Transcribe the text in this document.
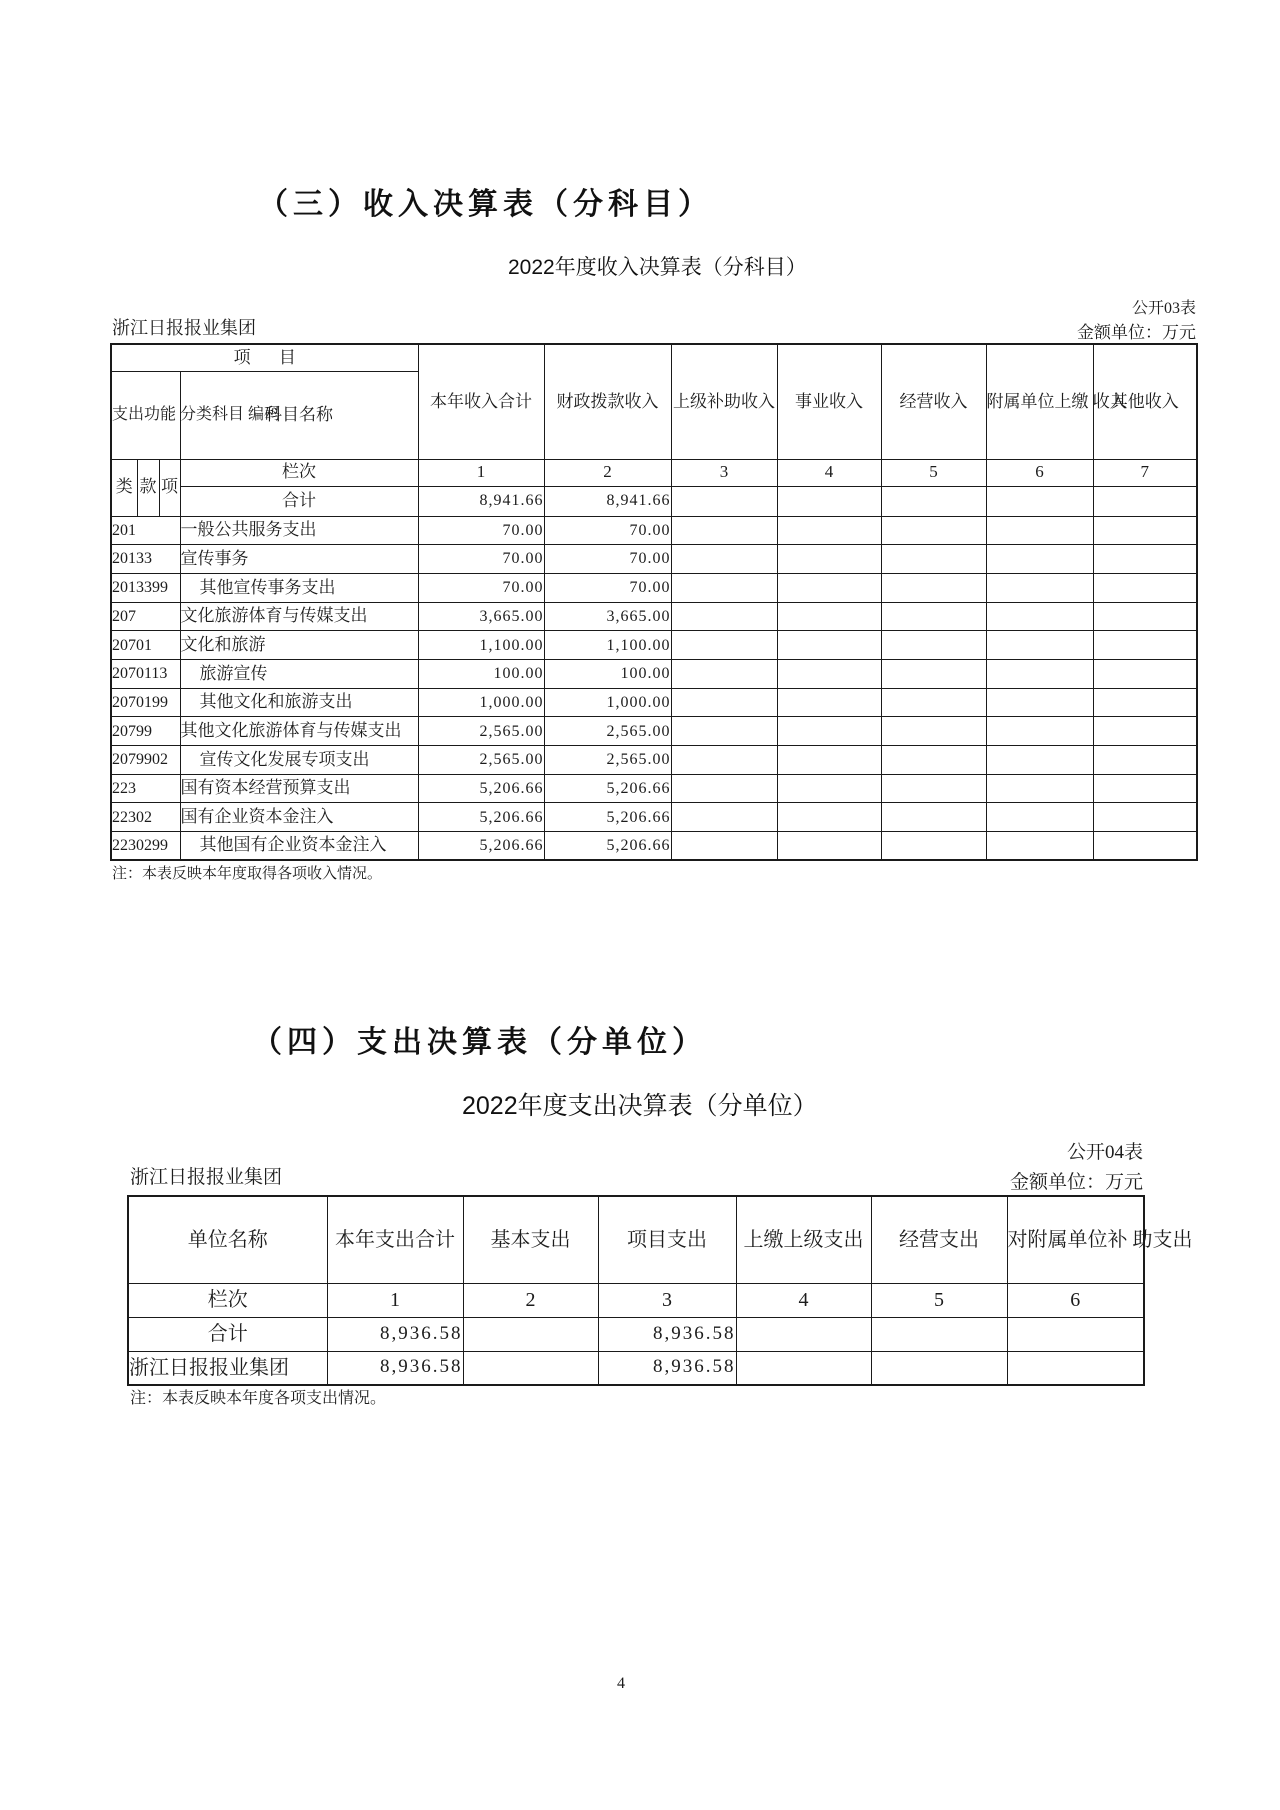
（三）收入决算表（分科目）
2022年度收入决算表（分科目）
公开03表
金额单位：万元
浙江日报报业集团
项 目				本年收入合计	财政拨款收入	上级补助收入	事业收入	经营收入	附属单位上缴 收入	其他收入
支出功能 分类科目 编码			科目名称							
类	款	项	栏次	1	2	3	4	5	6	7
			合计	8,941.66	8,941.66					
201			一般公共服务支出	70.00	70.00					
20133			宣传事务	70.00	70.00					
2013399			其他宣传事务支出	70.00	70.00					
207			文化旅游体育与传媒支出	3,665.00	3,665.00					
20701			文化和旅游	1,100.00	1,100.00					
2070113			旅游宣传	100.00	100.00					
2070199			其他文化和旅游支出	1,000.00	1,000.00					
20799			其他文化旅游体育与传媒支出	2,565.00	2,565.00					
2079902			宣传文化发展专项支出	2,565.00	2,565.00					
223			国有资本经营预算支出	5,206.66	5,206.66					
22302			国有企业资本金注入	5,206.66	5,206.66					
2230299			其他国有企业资本金注入	5,206.66	5,206.66					
注：本表反映本年度取得各项收入情况。
（四）支出决算表（分单位）
2022年度支出决算表（分单位）
公开04表
金额单位：万元
浙江日报报业集团
单位名称	本年支出合计	基本支出	项目支出	上缴上级支出	经营支出	对附属单位补 助支出
栏次	1	2	3	4	5	6
合计	8,936.58		8,936.58			
浙江日报报业集团	8,936.58		8,936.58			
注：本表反映本年度各项支出情况。
4
